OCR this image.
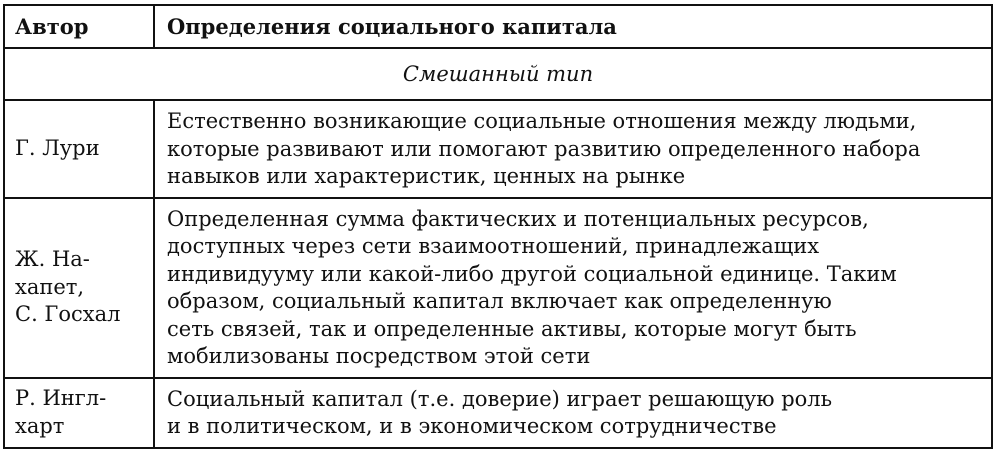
Автор	Определения социального капитала
Смешанный тип
Г. Лури
Естественно возникающие социальные отношения между людьми,
которые развивают или помогают развитию определенного набора
навыков или характеристик, ценных на рынке
Ж. На-
хапет,
С. Госхал
Определенная сумма фактических и потенциальных ресурсов,
доступных через сети взаимоотношений, принадлежащих
индивидууму или какой-либо другой социальной единице. Таким
образом, социальный капитал включает как определенную
сеть связей, так и определенные активы, которые могут быть
мобилизованы посредством этой сети
Р. Ингл-
харт
Социальный капитал (т.е. доверие) играет решающую роль
и в политическом, и в экономическом сотрудничестве
